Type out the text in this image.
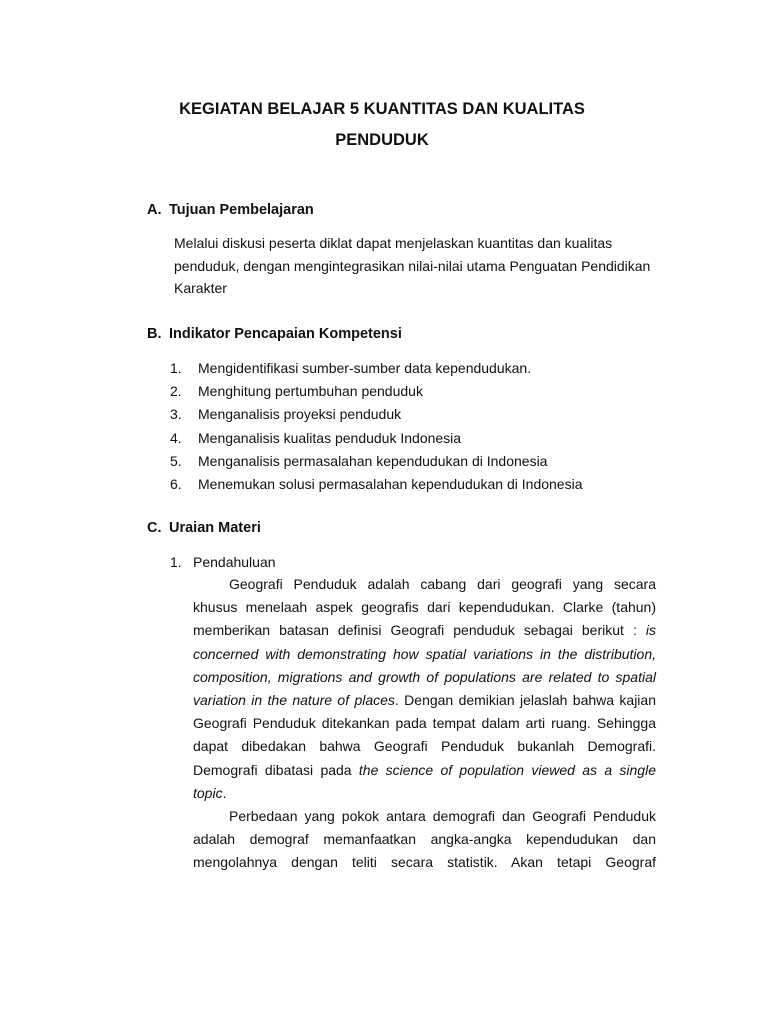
KEGIATAN BELAJAR 5 KUANTITAS DAN KUALITAS
PENDUDUK
A. Tujuan Pembelajaran

Melalui diskusi peserta diklat dapat menjelaskan kuantitas dan kualitas
penduduk, dengan mengintegrasikan nilai-nilai utama Penguatan Pendidikan
Karakter

B. Indikator Pencapaian Kompetensi
1. Mengidentifikasi sumber-sumber data kependudukan.
2. Menghitung pertumbuhan penduduk
3. Menganalisis proyeksi penduduk
4. Menganalisis kualitas penduduk Indonesia
5. Menganalisis permasalahan kependudukan di Indonesia
6. Menemukan solusi permasalahan kependudukan di Indonesia
C. Uraian Materi
1. Pendahuluan
Geografi Penduduk adalah cabang dari geografi yang secara
khusus menelaah aspek geografis dari kependudukan. Clarke (tahun)
memberikan batasan definisi Geografi penduduk sebagai berikut : is
concerned with demonstrating how spatial variations in the distribution,
composition, migrations and growth of populations are related to spatial
variation in the nature of places. Dengan demikian jelaslah bahwa kajian
Geografi Penduduk ditekankan pada tempat dalam arti ruang. Sehingga
dapat dibedakan bahwa Geografi Penduduk bukanlah Demografi.
Demografi dibatasi pada the science of population viewed as a single
topic.
Perbedaan yang pokok antara demografi dan Geografi Penduduk
adalah demograf memanfaatkan angka-angka kependudukan dan
mengolahnya dengan teliti secara statistik. Akan tetapi Geograf
